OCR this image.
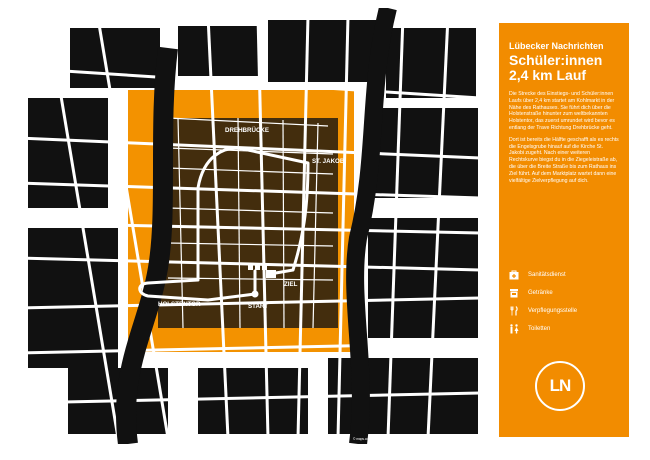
DREHBRÜCKE
ST. JAKOBI
HOLSTENTOR	START
ZIEL
© maps.com · Map Data: OpenStreetMap ODbL
Lübecker Nachrichten
Schüler:innen
2,4 km Lauf
Die Strecke des Einstiegs- und Schüler:innen Laufs über 2,4 km startet am Kohlmarkt in der Nähe des Rathauses. Sie führt dich über die Holstenstraße hinunter zum weltbekannten Holstentor, das zuerst umrundet wird bevor es entlang der Trave Richtung Drehbrücke geht.
Dort ist bereits die Hälfte geschafft als es rechts die Engelsgrube hinauf auf die Kirche St. Jakobi zugeht. Nach einer weiteren Rechtskurve biegst du in die Ziegeleistraße ab, die über die Breite Straße bis zum Rathaus ins Ziel führt. Auf dem Marktplatz wartet dann eine vielfältige Zielverpflegung auf dich.
Sanitätsdienst
Getränke
Verpflegungsstelle
Toiletten
LN
